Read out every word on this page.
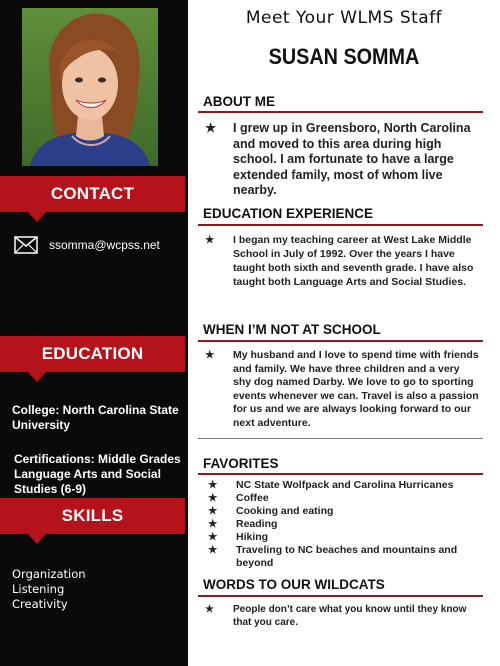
CONTACT
ssomma@wcpss.net
EDUCATION
College: North Carolina State University
Certifications: Middle Grades Language Arts and Social Studies (6-9)
SKILLS
Organization
Listening
Creativity
Meet Your WLMS Staff
SUSAN SOMMA
ABOUT ME
★ I grew up in Greensboro, North Carolina and moved to this area during high school. I am fortunate to have a large extended family, most of whom live nearby.
EDUCATION EXPERIENCE
★ I began my teaching career at West Lake Middle School in July of 1992. Over the years I have taught both sixth and seventh grade. I have also taught both Language Arts and Social Studies.
WHEN I’M NOT AT SCHOOL
★ My husband and I love to spend time with friends and family. We have three children and a very shy dog named Darby. We love to go to sporting events whenever we can. Travel is also a passion for us and we are always looking forward to our next adventure.
FAVORITES
★ NC State Wolfpack and Carolina Hurricanes
★ Coffee
★ Cooking and eating
★ Reading
★ Hiking
★ Traveling to NC beaches and mountains and beyond
WORDS TO OUR WILDCATS
★ People don’t care what you know until they know that you care.
